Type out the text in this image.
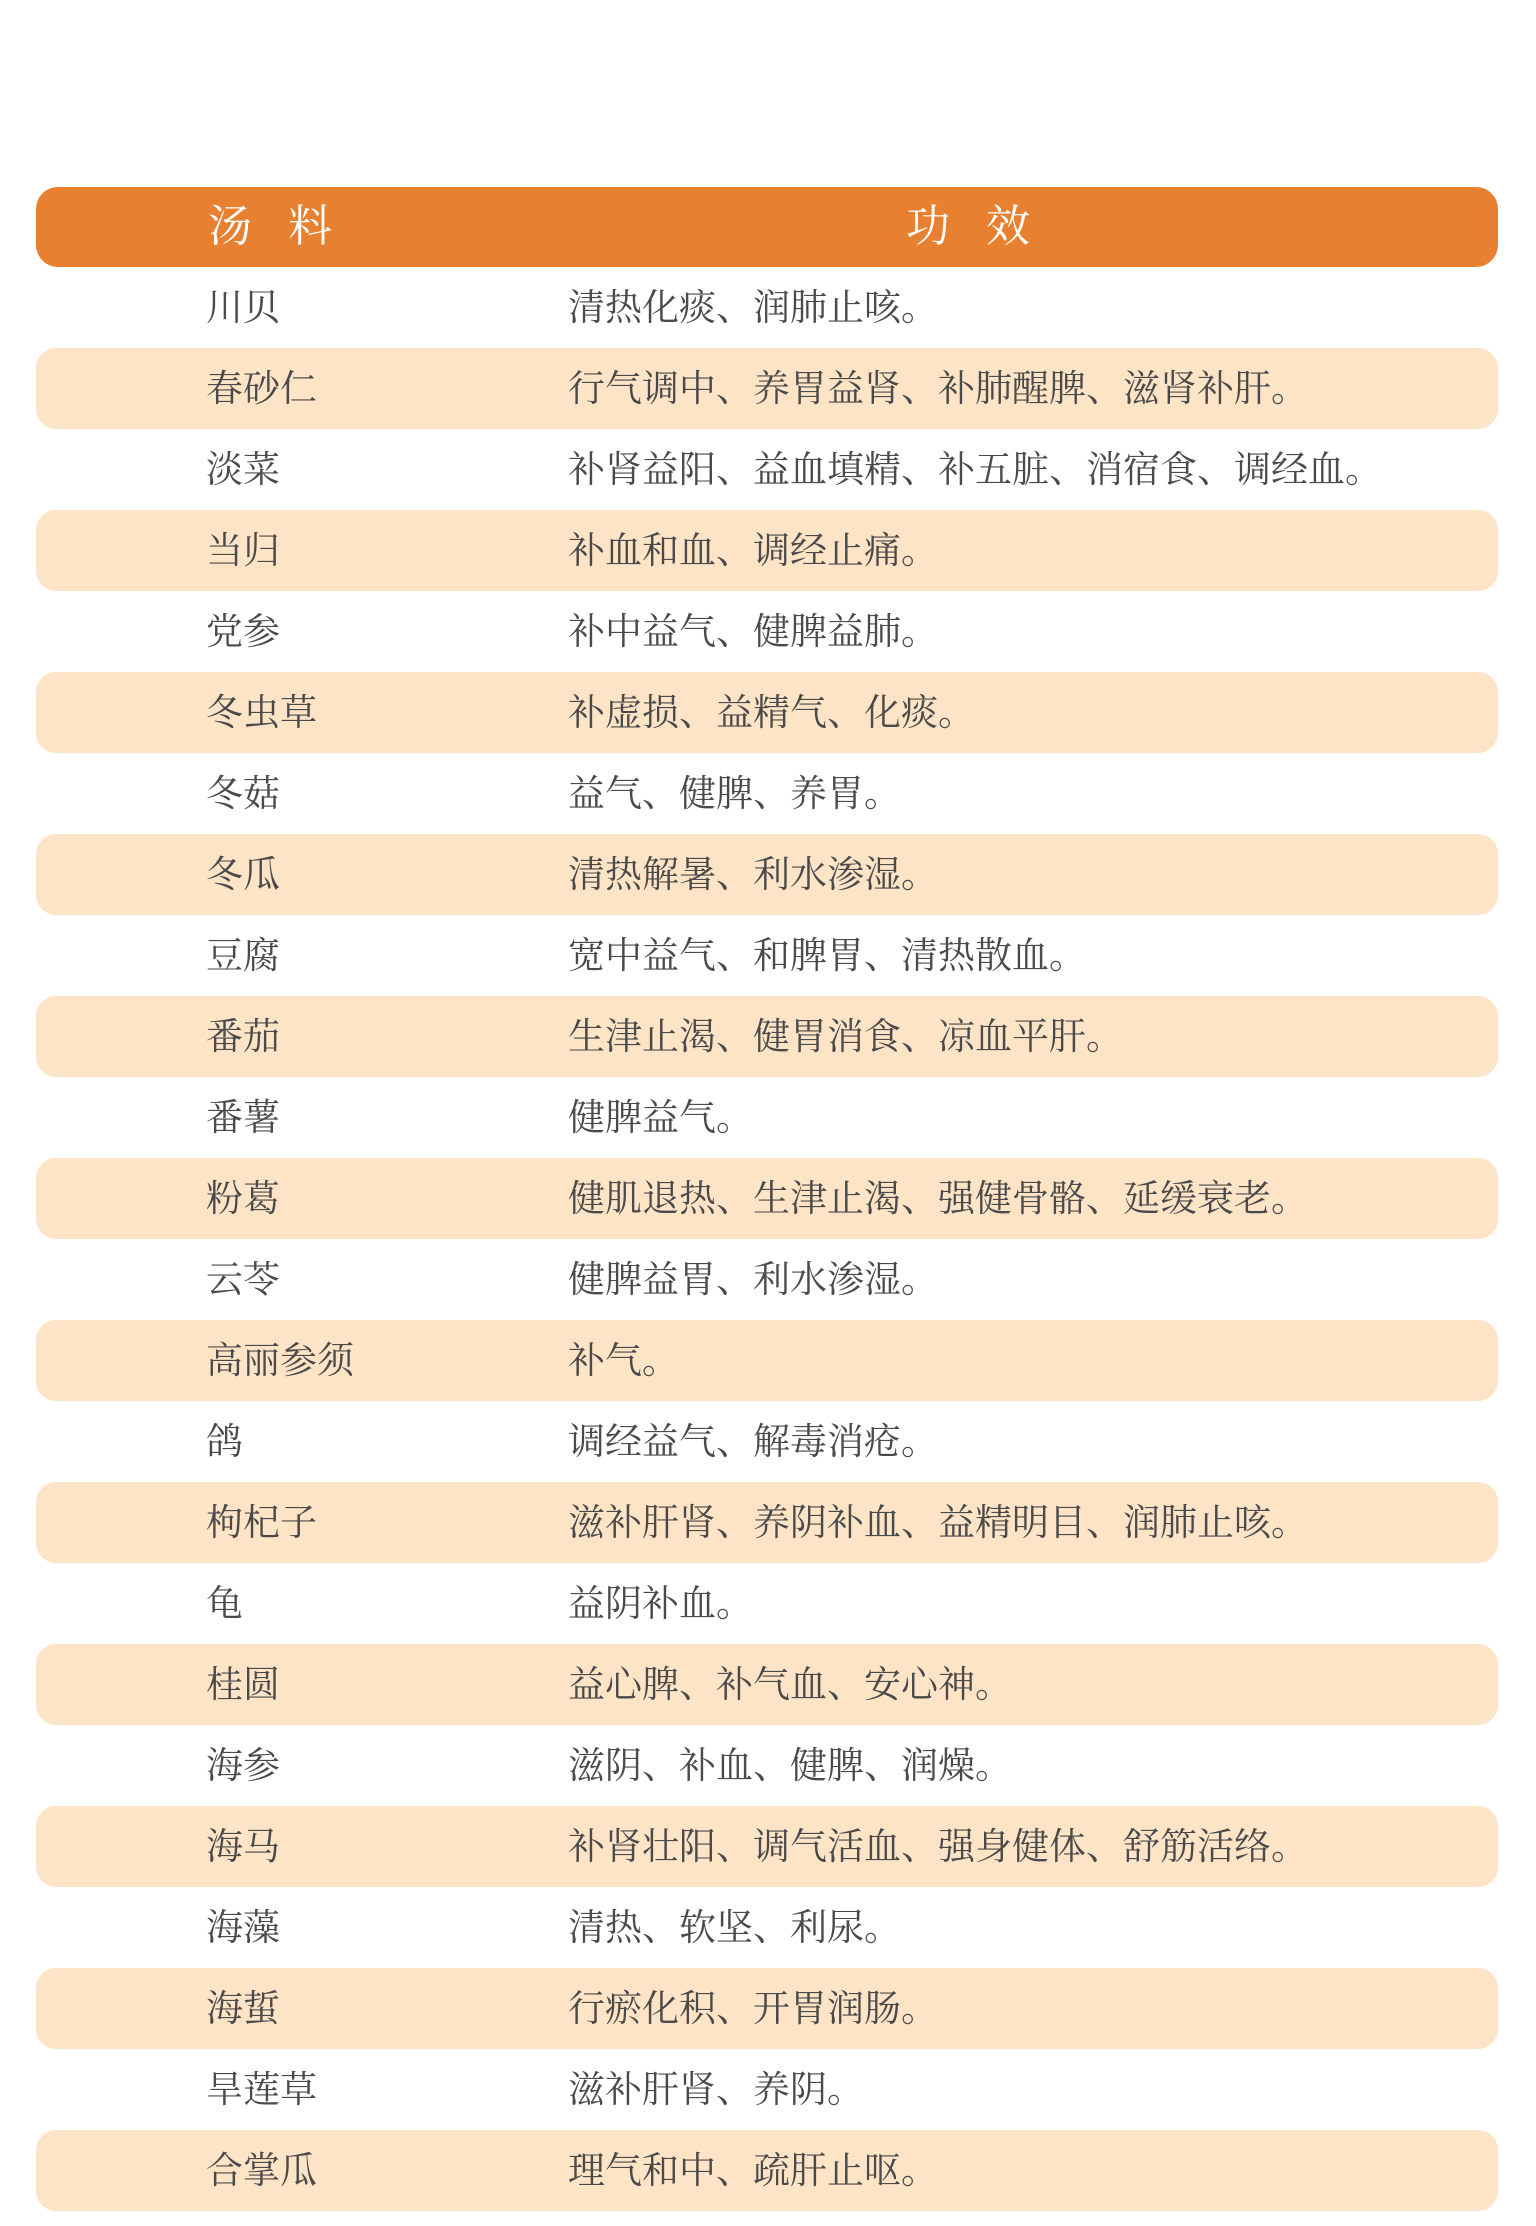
汤料	功效
川贝	清热化痰、润肺止咳。
春砂仁	行气调中、养胃益肾、补肺醒脾、滋肾补肝。
淡菜	补肾益阳、益血填精、补五脏、消宿食、调经血。
当归	补血和血、调经止痛。
党参	补中益气、健脾益肺。
冬虫草	补虚损、益精气、化痰。
冬菇	益气、健脾、养胃。
冬瓜	清热解暑、利水渗湿。
豆腐	宽中益气、和脾胃、清热散血。
番茄	生津止渴、健胃消食、凉血平肝。
番薯	健脾益气。
粉葛	健肌退热、生津止渴、强健骨骼、延缓衰老。
云苓	健脾益胃、利水渗湿。
高丽参须	补气。
鸽	调经益气、解毒消疮。
枸杞子	滋补肝肾、养阴补血、益精明目、润肺止咳。
龟	益阴补血。
桂圆	益心脾、补气血、安心神。
海参	滋阴、补血、健脾、润燥。
海马	补肾壮阳、调气活血、强身健体、舒筋活络。
海藻	清热、软坚、利尿。
海蜇	行瘀化积、开胃润肠。
旱莲草	滋补肝肾、养阴。
合掌瓜	理气和中、疏肝止呕。
